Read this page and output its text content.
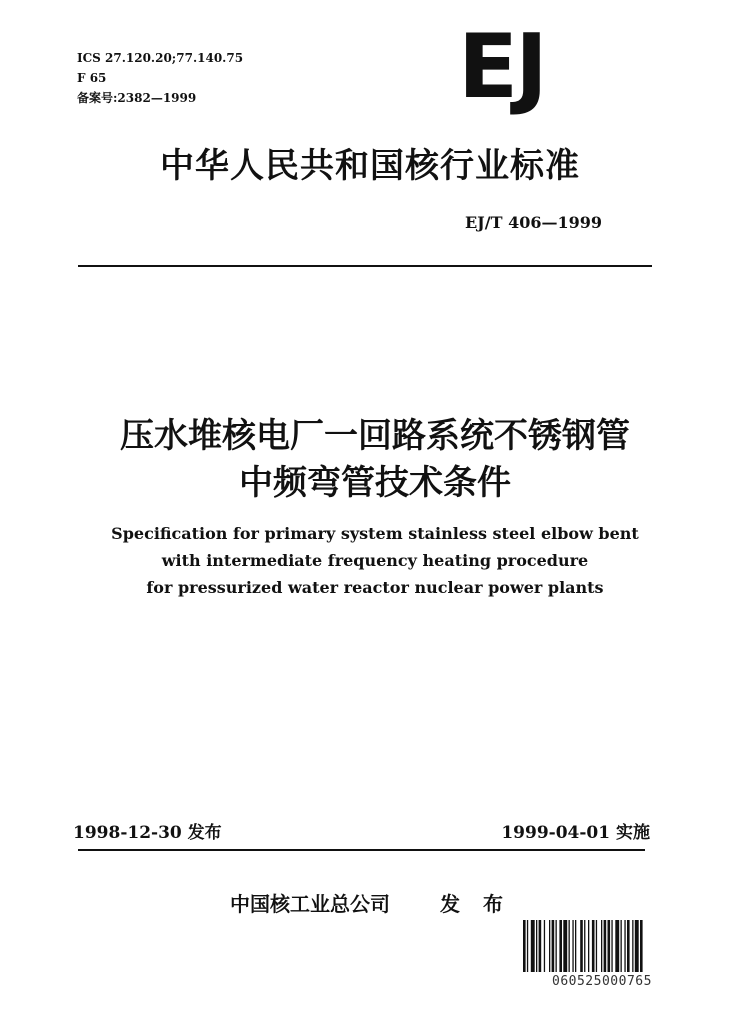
ICS 27.120.20;77.140.75
F 65
备案号:2382—1999	EJ
中华人民共和国核行业标准
EJ/T 406—1999
压水堆核电厂一回路系统不锈钢管
中频弯管技术条件
Specification for primary system stainless steel elbow bent
with intermediate frequency heating procedure
for pressurized water reactor nuclear power plants
1998-12-30 发布	1999-04-01 实施
中国核工业总公司	发 布
060525000765
